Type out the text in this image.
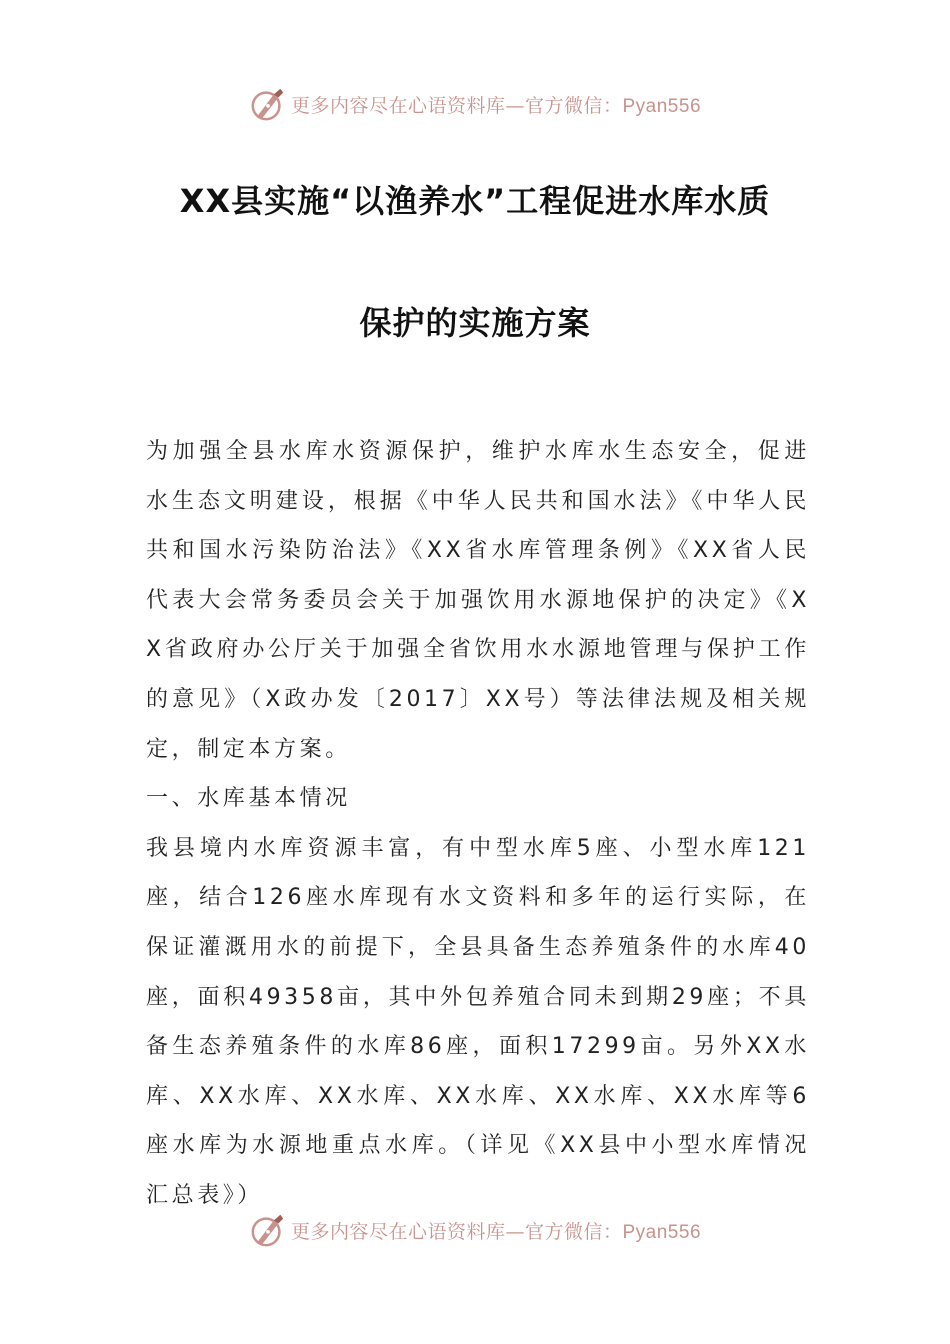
更多内容尽在心语资料库—官方微信：Pyan556
XX县实施“以渔养水”工程促进水库水质
保护的实施方案

为加强全县水库水资源保护，维护水库水生态安全，促进水生态文明建设，根据《中华人民共和国水法》《中华人民共和国水污染防治法》《XX省水库管理条例》《XX省人民代表大会常务委员会关于加强饮用水源地保护的决定》《XX省政府办公厅关于加强全省饮用水水源地管理与保护工作的意见》（X政办发〔2017〕XX号）等法律法规及相关规定，制定本方案。

一、水库基本情况

我县境内水库资源丰富，有中型水库5座、小型水库121座，结合126座水库现有水文资料和多年的运行实际，在保证灌溉用水的前提下，全县具备生态养殖条件的水库40座，面积49358亩，其中外包养殖合同未到期29座；不具备生态养殖条件的水库86座，面积17299亩。另外XX水库、XX水库、XX水库、XX水库、XX水库、XX水库等6座水库为水源地重点水库。（详见《XX县中小型水库情况汇总表》）

更多内容尽在心语资料库—官方微信：Pyan556
